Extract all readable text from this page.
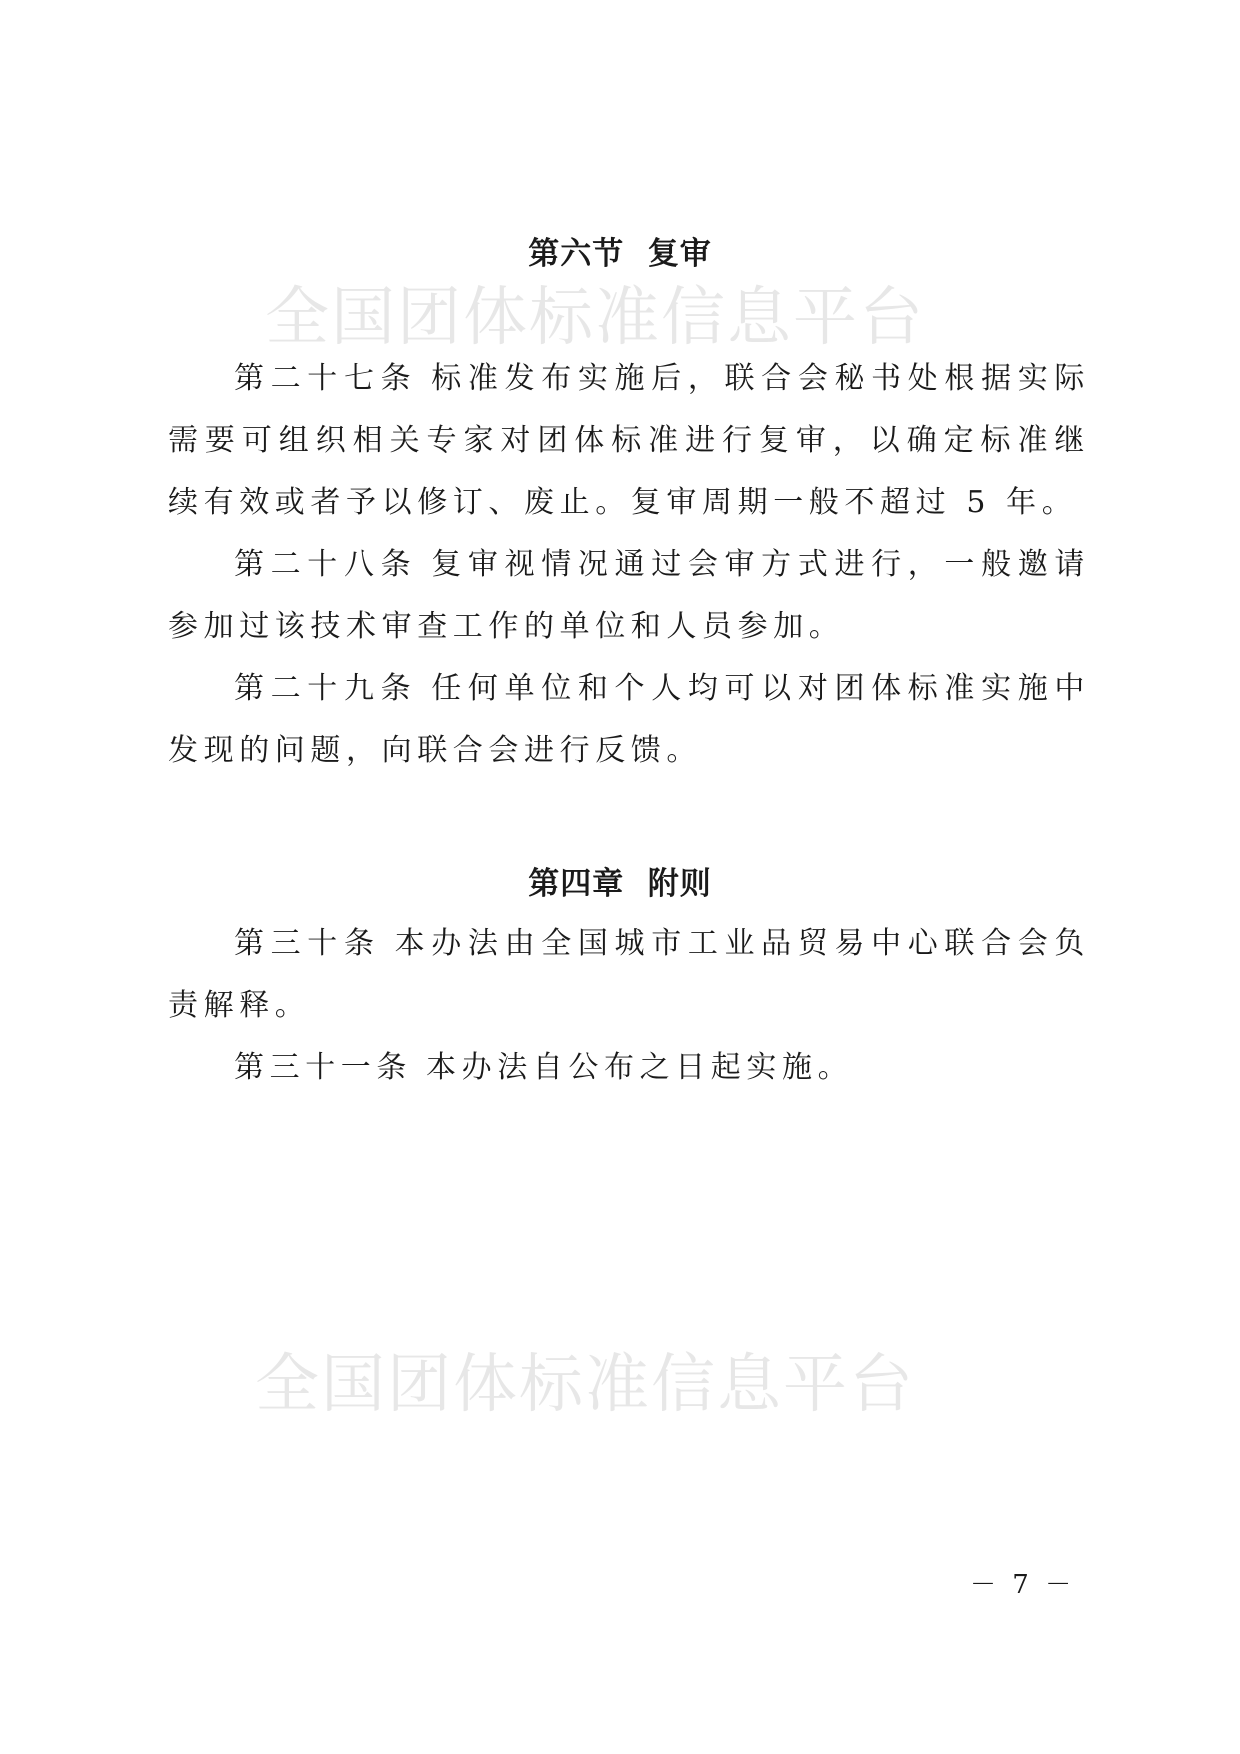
全国团体标准信息平台
全国团体标准信息平台
第六节  复审

第二十七条 标准发布实施后，联合会秘书处根据实际需要可组织相关专家对团体标准进行复审，以确定标准继续有效或者予以修订、废止。复审周期一般不超过 5 年。

第二十八条 复审视情况通过会审方式进行，一般邀请参加过该技术审查工作的单位和人员参加。

第二十九条 任何单位和个人均可以对团体标准实施中发现的问题，向联合会进行反馈。

第四章  附则

第三十条 本办法由全国城市工业品贸易中心联合会负责解释。

第三十一条 本办法自公布之日起实施。

－ 7 －
